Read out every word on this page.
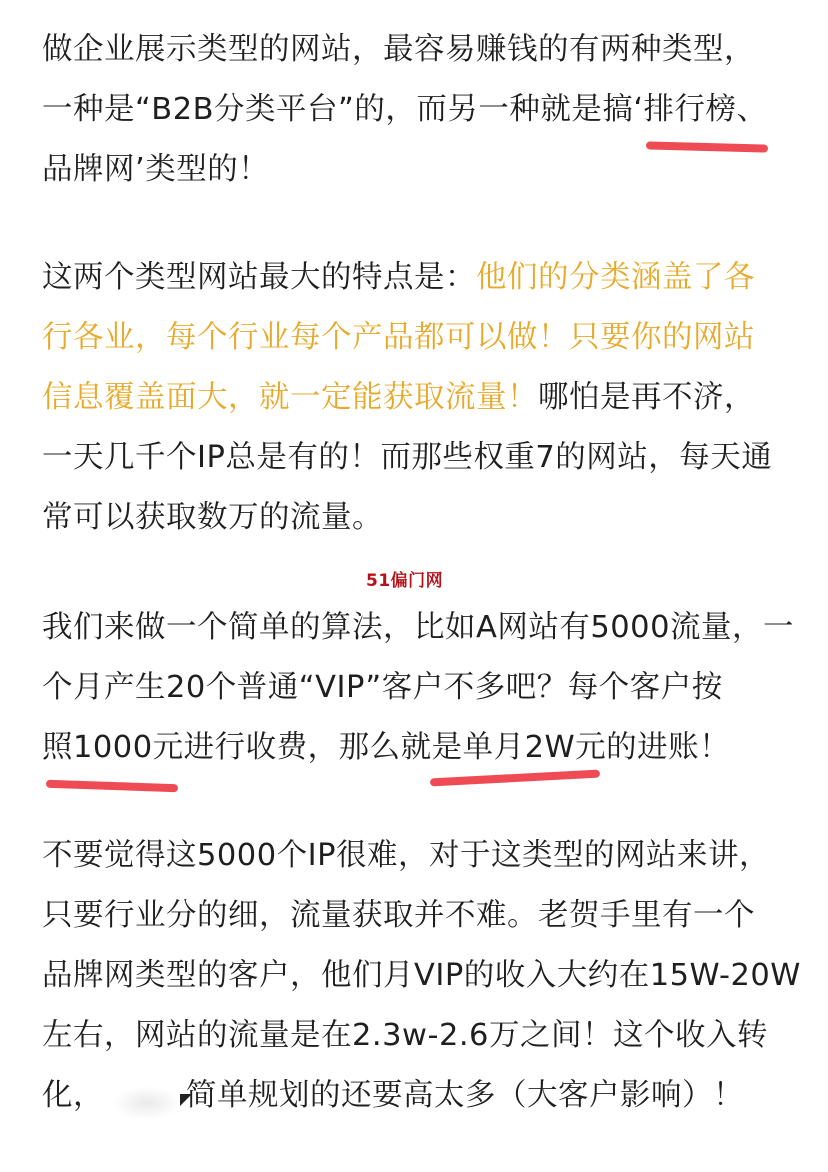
做企业展示类型的网站，最容易赚钱的有两种类型，
一种是“B2B分类平台”的，而另一种就是搞‘排行榜、
品牌网’类型的！
这两个类型网站最大的特点是：他们的分类涵盖了各
行各业，每个行业每个产品都可以做！只要你的网站
信息覆盖面大，就一定能获取流量！哪怕是再不济，
一天几千个IP总是有的！而那些权重7的网站，每天通
常可以获取数万的流量。
51偏门网
我们来做一个简单的算法，比如A网站有5000流量，一
个月产生20个普通“VIP”客户不多吧？每个客户按
照1000元进行收费，那么就是单月2W元的进账！
不要觉得这5000个IP很难，对于这类型的网站来讲，
只要行业分的细，流量获取并不难。老贺手里有一个
品牌网类型的客户，他们月VIP的收入大约在15W-20W
左右，网站的流量是在2.3w-2.6万之间！这个收入转
化，	简单规划的还要高太多（大客户影响）！
